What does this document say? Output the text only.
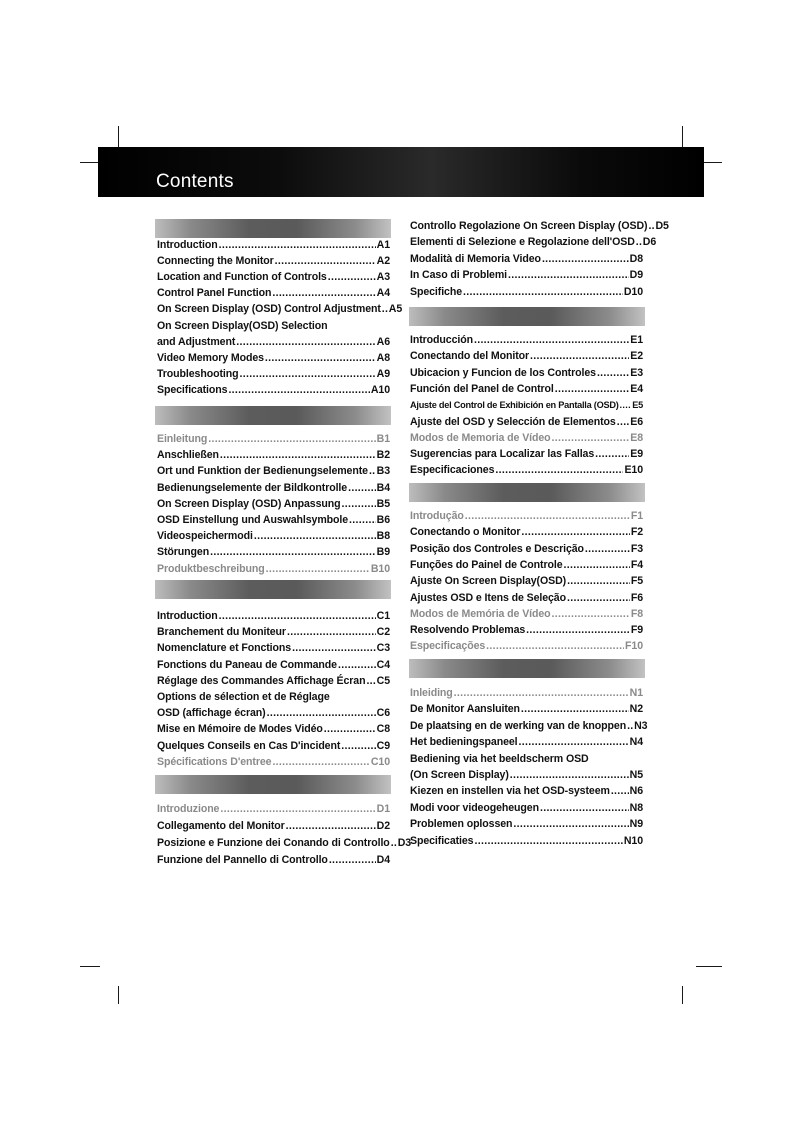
Contents
Introduction .....	A1
Connecting the Monitor .....	A2
Location and Function of Controls .....	A3
Control Panel Function .....	A4
On Screen Display (OSD) Control Adjustment ..... A5
On Screen Display(OSD) Selection
and Adjustment .....	A6
Video Memory Modes .....	A8
Troubleshooting .....	A9
Specifications .....	A10
Einleitung .....	B1
Anschließen .....	B2
Ort und Funktion der Bedienungselemente ..... B3
Bedienungselemente der Bildkontrolle .....	B4
On Screen Display (OSD) Anpassung .....	B5
OSD Einstellung und Auswahlsymbole .....	B6
Videospeichermodi .....	B8
Störungen .....	B9
Produktbeschreibung .....	B10
Introduction .....	C1
Branchement du Moniteur .....	C2
Nomenclature et Fonctions .....	C3
Fonctions du Paneau de Commande .....	C4
Réglage des Commandes Affichage Écran ..... C5
Options de sélection et de Réglage
OSD (affichage écran) .....	C6
Mise en Mémoire de Modes Vidéo .....	C8
Quelques Conseils en Cas D'incident .....	C9
Spécifications D'entree .....	C10
Introduzione .....	D1
Collegamento del Monitor .....	D2
Posizione e Funzione dei Conando di Controllo ..... D3
Funzione del Pannello di Controllo .....	D4
Controllo Regolazione On Screen Display (OSD) ..... D5
Elementi di Selezione e Regolazione dell'OSD ..... D6
Modalità di Memoria Video .....	D8
In Caso di Problemi .....	D9
Specifiche .....	D10
Introducción .....	E1
Conectando del Monitor .....	E2
Ubicacion y Funcion de los Controles .....	E3
Función del Panel de Control .....	E4
Ajuste del Control de Exhibición en Pantalla (OSD) ..... E5
Ajuste del OSD y Selección de Elementos ..... E6
Modos de Memoria de Vídeo .....	E8
Sugerencias para Localizar las Fallas .....	E9
Especificaciones .....	E10
Introdução .....	F1
Conectando o Monitor .....	F2
Posição dos Controles e Descrição .....	F3
Funções do Painel de Controle .....	F4
Ajuste On Screen Display(OSD) .....	F5
Ajustes OSD e Itens de Seleção .....	F6
Modos de Memória de Vídeo .....	F8
Resolvendo Problemas .....	F9
Especificações .....	F10
Inleiding .....	N1
De Monitor Aansluiten .....	N2
De plaatsing en de werking van de knoppen ..... N3
Het bedieningspaneel .....	N4
Bediening via het beeldscherm OSD
(On Screen Display) .....	N5
Kiezen en instellen via het OSD-systeem ..... N6
Modi voor videogeheugen .....	N8
Problemen oplossen .....	N9
Specificaties .....	N10
